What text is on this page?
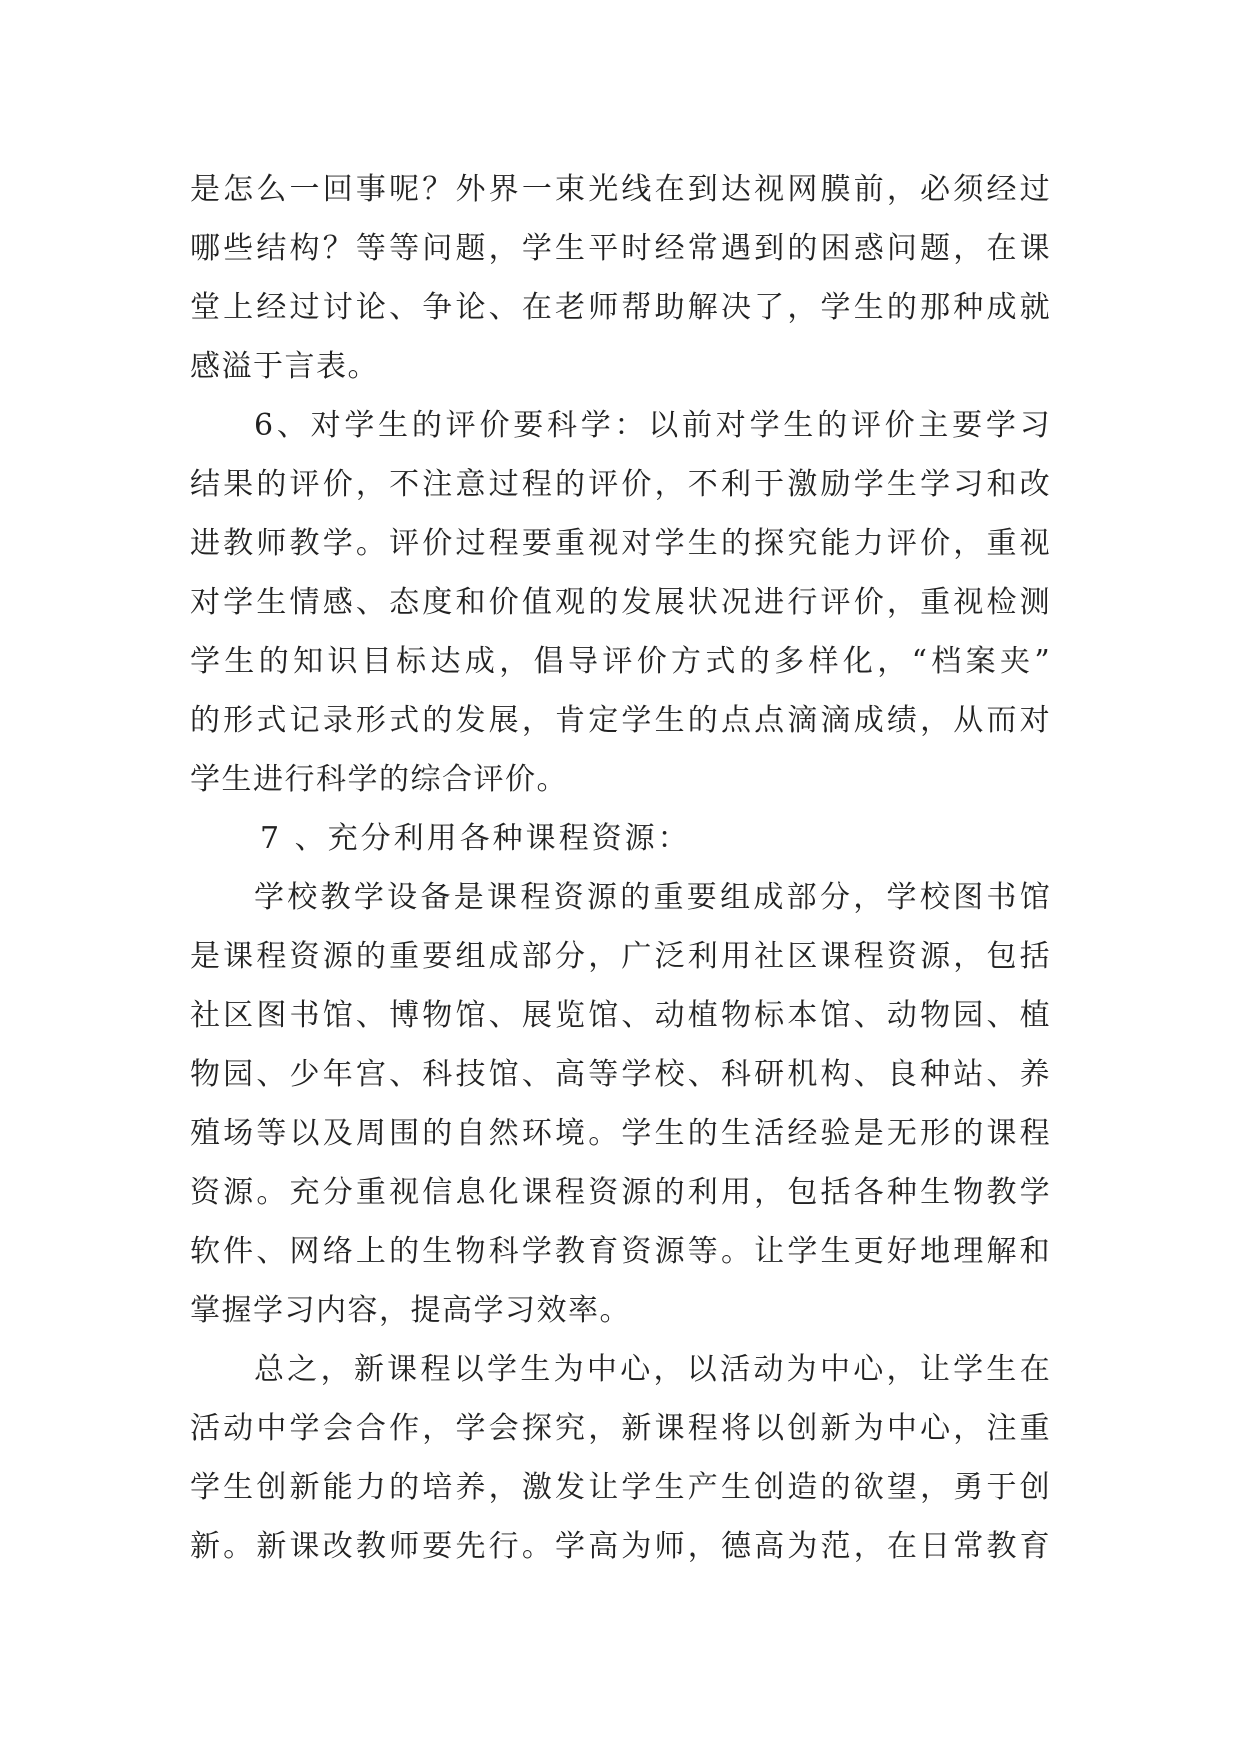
是怎么一回事呢？外界一束光线在到达视网膜前，必须经过
哪些结构？等等问题，学生平时经常遇到的困惑问题，在课
堂上经过讨论、争论、在老师帮助解决了，学生的那种成就
感溢于言表。
6、对学生的评价要科学：以前对学生的评价主要学习
结果的评价，不注意过程的评价，不利于激励学生学习和改
进教师教学。评价过程要重视对学生的探究能力评价，重视
对学生情感、态度和价值观的发展状况进行评价，重视检测
学生的知识目标达成，倡导评价方式的多样化，“档案夹”
的形式记录形式的发展，肯定学生的点点滴滴成绩，从而对
学生进行科学的综合评价。
7 、充分利用各种课程资源：
学校教学设备是课程资源的重要组成部分，学校图书馆
是课程资源的重要组成部分，广泛利用社区课程资源，包括
社区图书馆、博物馆、展览馆、动植物标本馆、动物园、植
物园、少年宫、科技馆、高等学校、科研机构、良种站、养
殖场等以及周围的自然环境。学生的生活经验是无形的课程
资源。充分重视信息化课程资源的利用，包括各种生物教学
软件、网络上的生物科学教育资源等。让学生更好地理解和
掌握学习内容，提高学习效率。
总之，新课程以学生为中心，以活动为中心，让学生在
活动中学会合作，学会探究，新课程将以创新为中心，注重
学生创新能力的培养，激发让学生产生创造的欲望，勇于创
新。新课改教师要先行。学高为师，德高为范，在日常教育
